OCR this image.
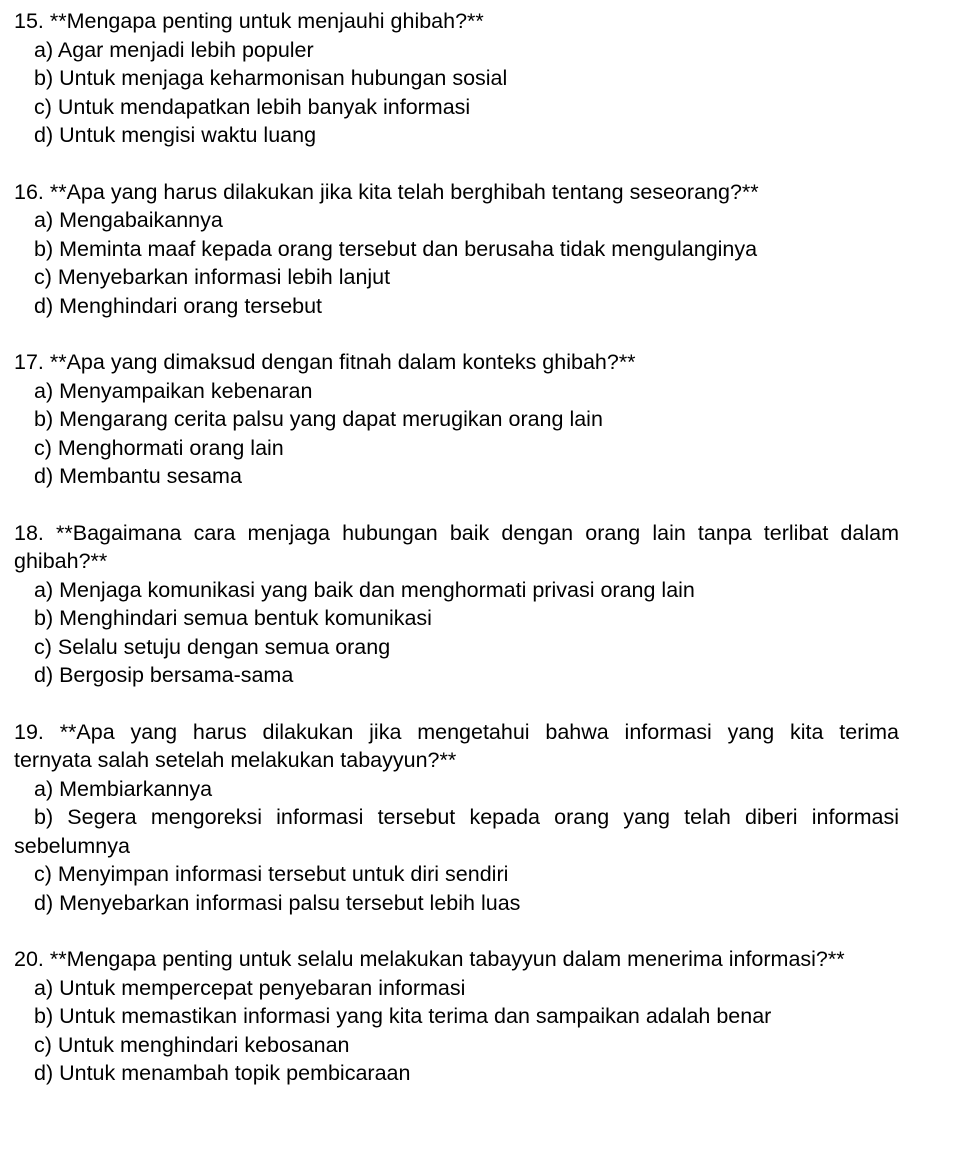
15. **Mengapa penting untuk menjauhi ghibah?**
a) Agar menjadi lebih populer
b) Untuk menjaga keharmonisan hubungan sosial
c) Untuk mendapatkan lebih banyak informasi
d) Untuk mengisi waktu luang
16. **Apa yang harus dilakukan jika kita telah berghibah tentang seseorang?**
a) Mengabaikannya
b) Meminta maaf kepada orang tersebut dan berusaha tidak mengulanginya
c) Menyebarkan informasi lebih lanjut
d) Menghindari orang tersebut
17. **Apa yang dimaksud dengan fitnah dalam konteks ghibah?**
a) Menyampaikan kebenaran
b) Mengarang cerita palsu yang dapat merugikan orang lain
c) Menghormati orang lain
d) Membantu sesama
18. **Bagaimana cara menjaga hubungan baik dengan orang lain tanpa terlibat dalam
ghibah?**
a) Menjaga komunikasi yang baik dan menghormati privasi orang lain
b) Menghindari semua bentuk komunikasi
c) Selalu setuju dengan semua orang
d) Bergosip bersama-sama
19. **Apa yang harus dilakukan jika mengetahui bahwa informasi yang kita terima
ternyata salah setelah melakukan tabayyun?**
a) Membiarkannya
b) Segera mengoreksi informasi tersebut kepada orang yang telah diberi informasi
sebelumnya
c) Menyimpan informasi tersebut untuk diri sendiri
d) Menyebarkan informasi palsu tersebut lebih luas
20. **Mengapa penting untuk selalu melakukan tabayyun dalam menerima informasi?**
a) Untuk mempercepat penyebaran informasi
b) Untuk memastikan informasi yang kita terima dan sampaikan adalah benar
c) Untuk menghindari kebosanan
d) Untuk menambah topik pembicaraan
